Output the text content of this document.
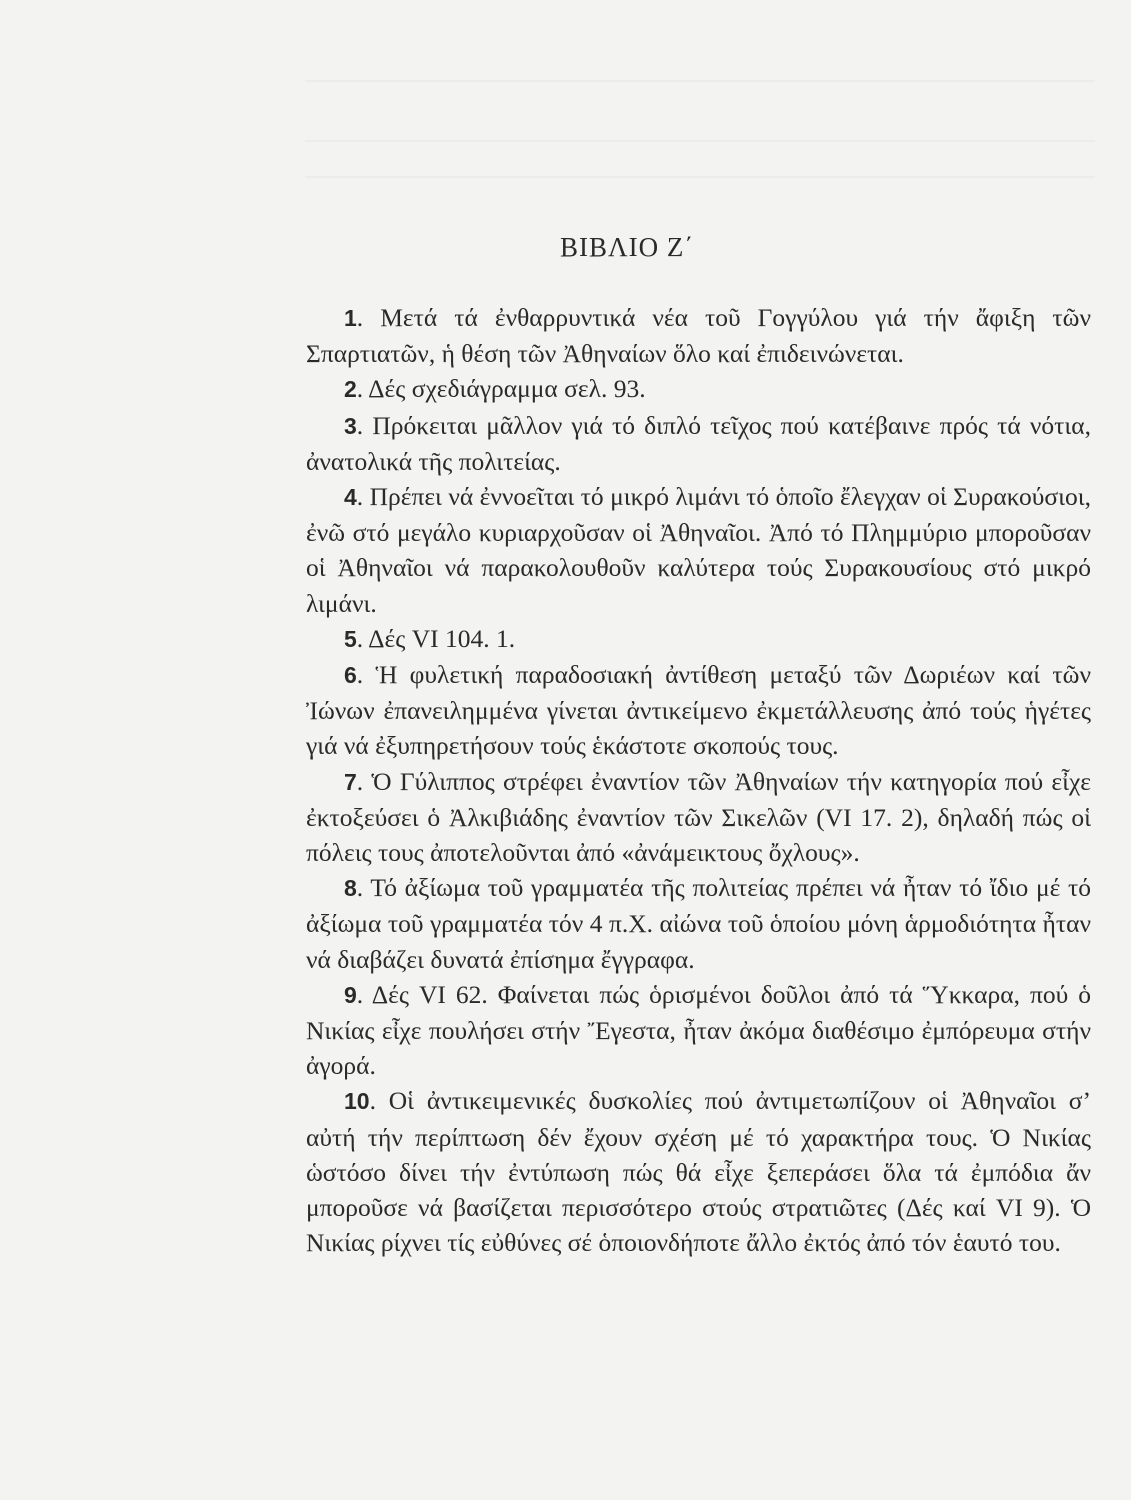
ΒΙΒΛΙΟ Ζ΄

1. Μετά τά ἐνθαρρυντικά νέα τοῦ Γογγύλου γιά τήν ἄφιξη τῶν Σπαρτιατῶν, ἡ θέση τῶν Ἀθηναίων ὅλο καί ἐπιδεινώνεται.

2. Δές σχεδιάγραμμα σελ. 93.

3. Πρόκειται μᾶλλον γιά τό διπλό τεῖχος πού κατέβαινε πρός τά νότια, ἀνατολικά τῆς πολιτείας.

4. Πρέπει νά ἐννοεῖται τό μικρό λιμάνι τό ὁποῖο ἔλεγχαν οἱ Συρακούσιοι, ἐνῶ στό μεγάλο κυριαρχοῦσαν οἱ Ἀθηναῖοι. Ἀπό τό Πλημμύριο μποροῦσαν οἱ Ἀθηναῖοι νά παρακολουθοῦν καλύτερα τούς Συρακουσίους στό μικρό λιμάνι.

5. Δές VI 104. 1.

6. Ἡ φυλετική παραδοσιακή ἀντίθεση μεταξύ τῶν Δωριέων καί τῶν Ἰώνων ἐπανειλημμένα γίνεται ἀντικείμενο ἐκμετάλλευσης ἀπό τούς ἡγέτες γιά νά ἐξυπηρετήσουν τούς ἑκάστοτε σκοπούς τους.

7. Ὁ Γύλιππος στρέφει ἐναντίον τῶν Ἀθηναίων τήν κατηγορία πού εἶχε ἐκτοξεύσει ὁ Ἀλκιβιάδης ἐναντίον τῶν Σικελῶν (VI 17. 2), δηλαδή πώς οἱ πόλεις τους ἀποτελοῦνται ἀπό «ἀνάμεικτους ὄχλους».

8. Τό ἀξίωμα τοῦ γραμματέα τῆς πολιτείας πρέπει νά ἦταν τό ἴδιο μέ τό ἀξίωμα τοῦ γραμματέα τόν 4 π.Χ. αἰώνα τοῦ ὁποίου μόνη ἁρμοδιότητα ἦταν νά διαβάζει δυνατά ἐπίσημα ἔγγραφα.

9. Δές VI 62. Φαίνεται πώς ὁρισμένοι δοῦλοι ἀπό τά Ὕκκαρα, πού ὁ Νικίας εἶχε πουλήσει στήν Ἔγεστα, ἦταν ἀκόμα διαθέσιμο ἐμπόρευμα στήν ἀγορά.

10. Οἱ ἀντικειμενικές δυσκολίες πού ἀντιμετωπίζουν οἱ Ἀθηναῖοι σ’ αὐτή τήν περίπτωση δέν ἔχουν σχέση μέ τό χαρακτήρα τους. Ὁ Νικίας ὡστόσο δίνει τήν ἐντύπωση πώς θά εἶχε ξεπεράσει ὅλα τά ἐμπόδια ἄν μποροῦσε νά βασίζεται περισσότερο στούς στρατιῶτες (Δές καί VI 9). Ὁ Νικίας ρίχνει τίς εὐθύνες σέ ὁποιονδήποτε ἄλλο ἐκτός ἀπό τόν ἑαυτό του.
